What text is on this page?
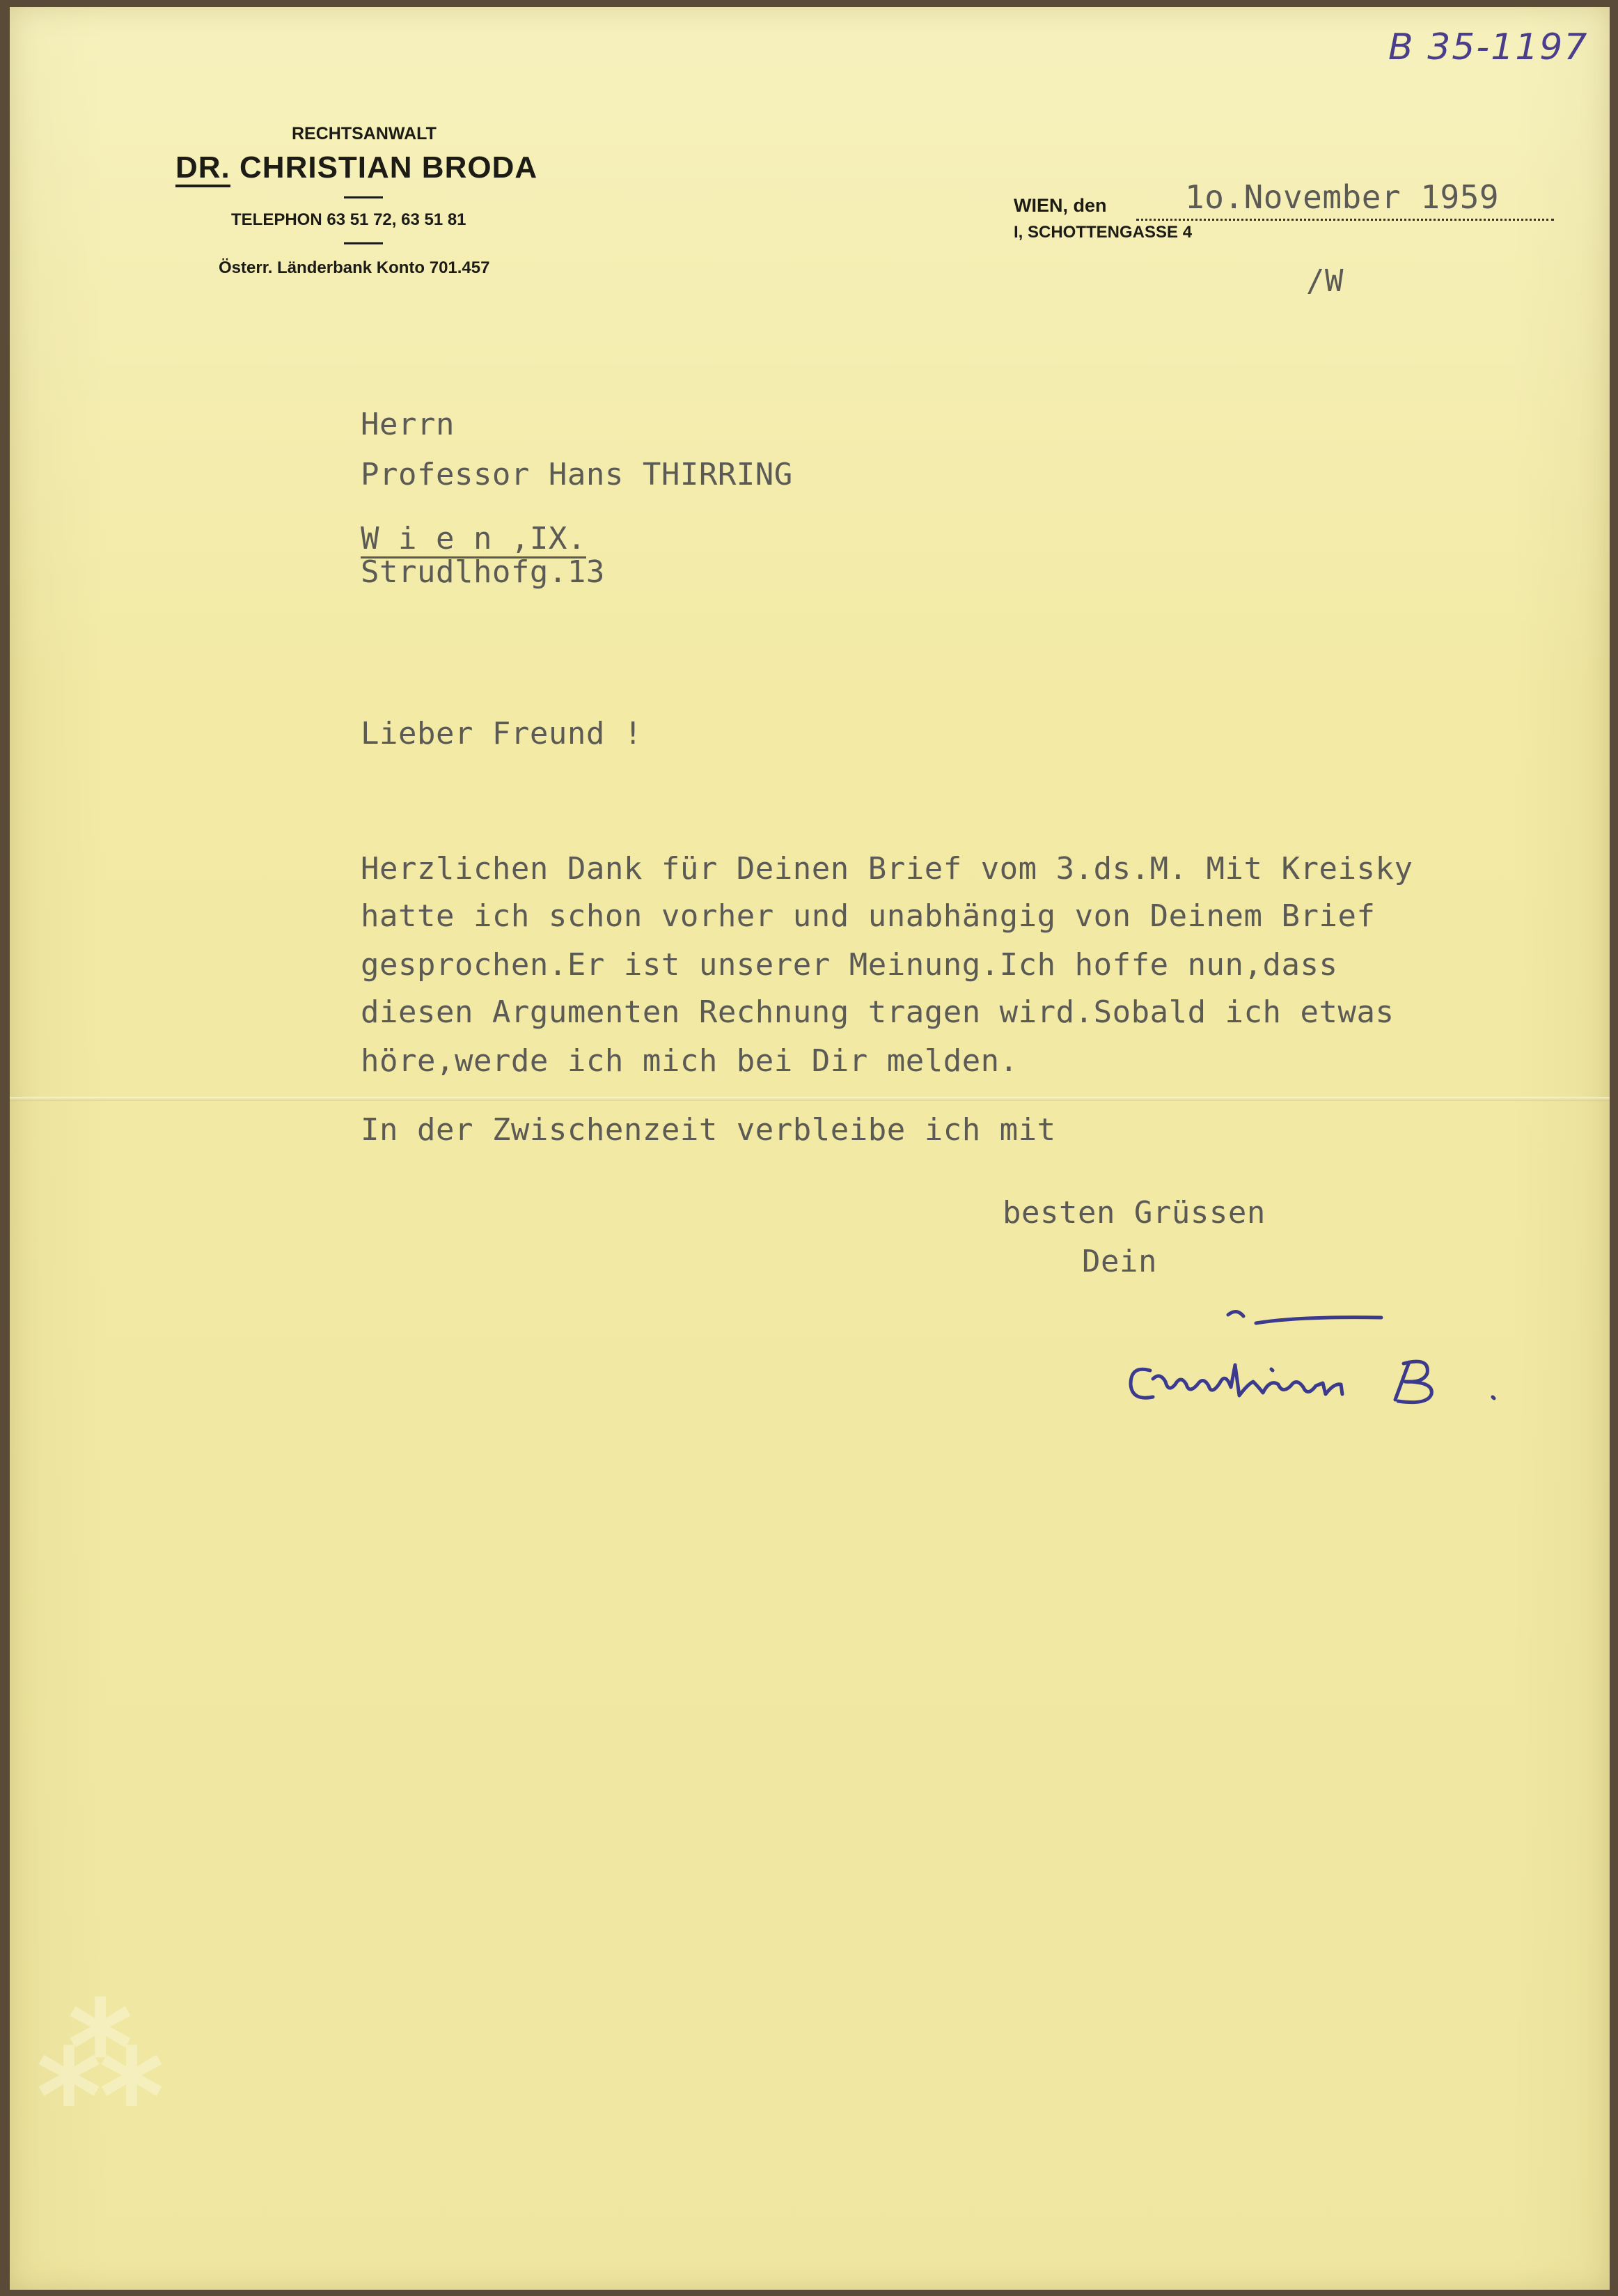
B 35-1197
RECHTSANWALT
DR. CHRISTIAN BRODA
TELEPHON 63 51 72, 63 51 81
Österr. Länderbank Konto 701.457
WIEN, den
I, SCHOTTENGASSE 4
1o.November 1959
/W
Herrn
Professor Hans THIRRING
W i e n ,IX.
Strudlhofg.13
Lieber Freund !
Herzlichen Dank für Deinen Brief vom 3.ds.M. Mit Kreisky
hatte ich schon vorher und unabhängig von Deinem Brief
gesprochen.Er ist unserer Meinung.Ich hoffe nun,dass
diesen Argumenten Rechnung tragen wird.Sobald ich etwas
höre,werde ich mich bei Dir melden.
In der Zwischenzeit verbleibe ich mit
besten Grüssen
Dein
⁂
